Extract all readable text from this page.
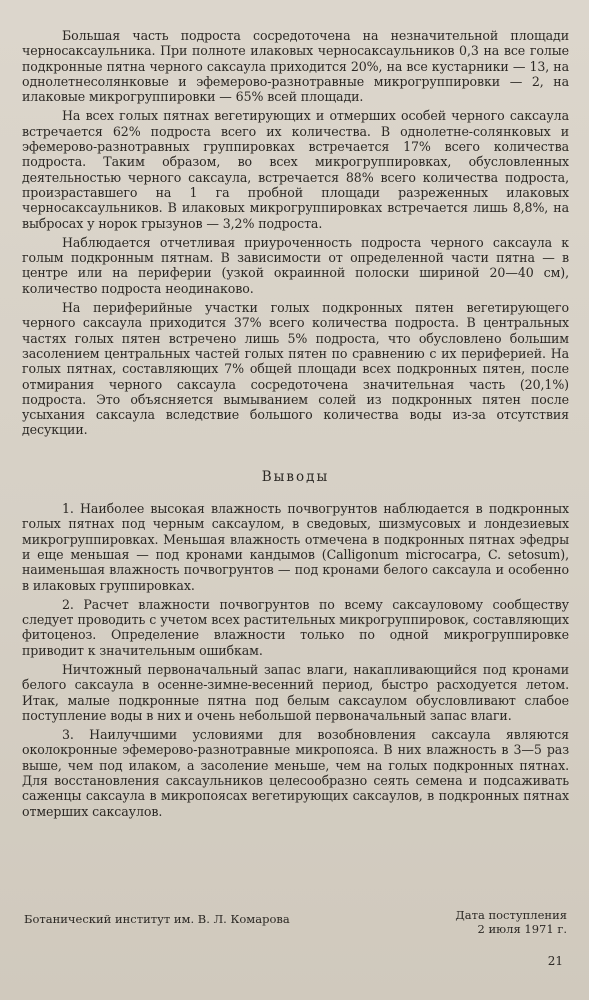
Большая часть подроста сосредоточена на незначительной площади черносаксаульника. При полноте илаковых черносаксаульников 0,3 на все голые подкронные пятна черного саксаула приходится 20%, на все кустарники — 13, на однолетнесолянковые и эфемерово-разнотравные микрогруппировки — 2, на илаковые микрогруппировки — 65% всей площади.

На всех голых пятнах вегетирующих и отмерших особей черного саксаула встречается 62% подроста всего их количества. В однолетне-солянковых и эфемерово-разнотравных группировках встречается 17% всего количества подроста. Таким образом, во всех микрогруппировках, обусловленных деятельностью черного саксаула, встречается 88% всего количества подроста, произраставшего на 1 га пробной площади разреженных илаковых черносаксаульников. В илаковых микрогруппировках встречается лишь 8,8%, на выбросах у норок грызунов — 3,2% подроста.

Наблюдается отчетливая приуроченность подроста черного саксаула к голым подкронным пятнам. В зависимости от определенной части пятна — в центре или на периферии (узкой окраинной полоски шириной 20—40 см), количество подроста неодинаково.

На периферийные участки голых подкронных пятен вегетирующего черного саксаула приходится 37% всего количества подроста. В центральных частях голых пятен встречено лишь 5% подроста, что обусловлено большим засолением центральных частей голых пятен по сравнению с их периферией. На голых пятнах, составляющих 7% общей площади всех подкронных пятен, после отмирания черного саксаула сосредоточена значительная часть (20,1%) подроста. Это объясняется вымыванием солей из подкронных пятен после усыхания саксаула вследствие большого количества воды из-за отсутствия десукции.

Выводы

1. Наиболее высокая влажность почвогрунтов наблюдается в подкронных голых пятнах под черным саксаулом, в сведовых, шизмусовых и лондезиевых микрогруппировках. Меньшая влажность отмечена в подкронных пятнах эфедры и еще меньшая — под кронами кандымов (Calligonum microcarpa, C. setosum), наименьшая влажность почвогрунтов — под кронами белого саксаула и особенно в илаковых группировках.

2. Расчет влажности почвогрунтов по всему саксауловому сообществу следует проводить с учетом всех растительных микрогруппировок, составляющих фитоценоз. Определение влажности только по одной микрогруппировке приводит к значительным ошибкам.

Ничтожный первоначальный запас влаги, накапливающийся под кронами белого саксаула в осенне-зимне-весенний период, быстро расходуется летом. Итак, малые подкронные пятна под белым саксаулом обусловливают слабое поступление воды в них и очень небольшой первоначальный запас влаги.

3. Наилучшими условиями для возобновления саксаула являются околокронные эфемерово-разнотравные микропояса. В них влажность в 3—5 раз выше, чем под илаком, а засоление меньше, чем на голых подкронных пятнах. Для восстановления саксаульников целесообразно сеять семена и подсаживать саженцы саксаула в микропоясах вегетирующих саксаулов, в подкронных пятнах отмерших саксаулов.

Ботанический институт им. В. Л. Комарова	Дата поступления
2 июля 1971 г.
21
